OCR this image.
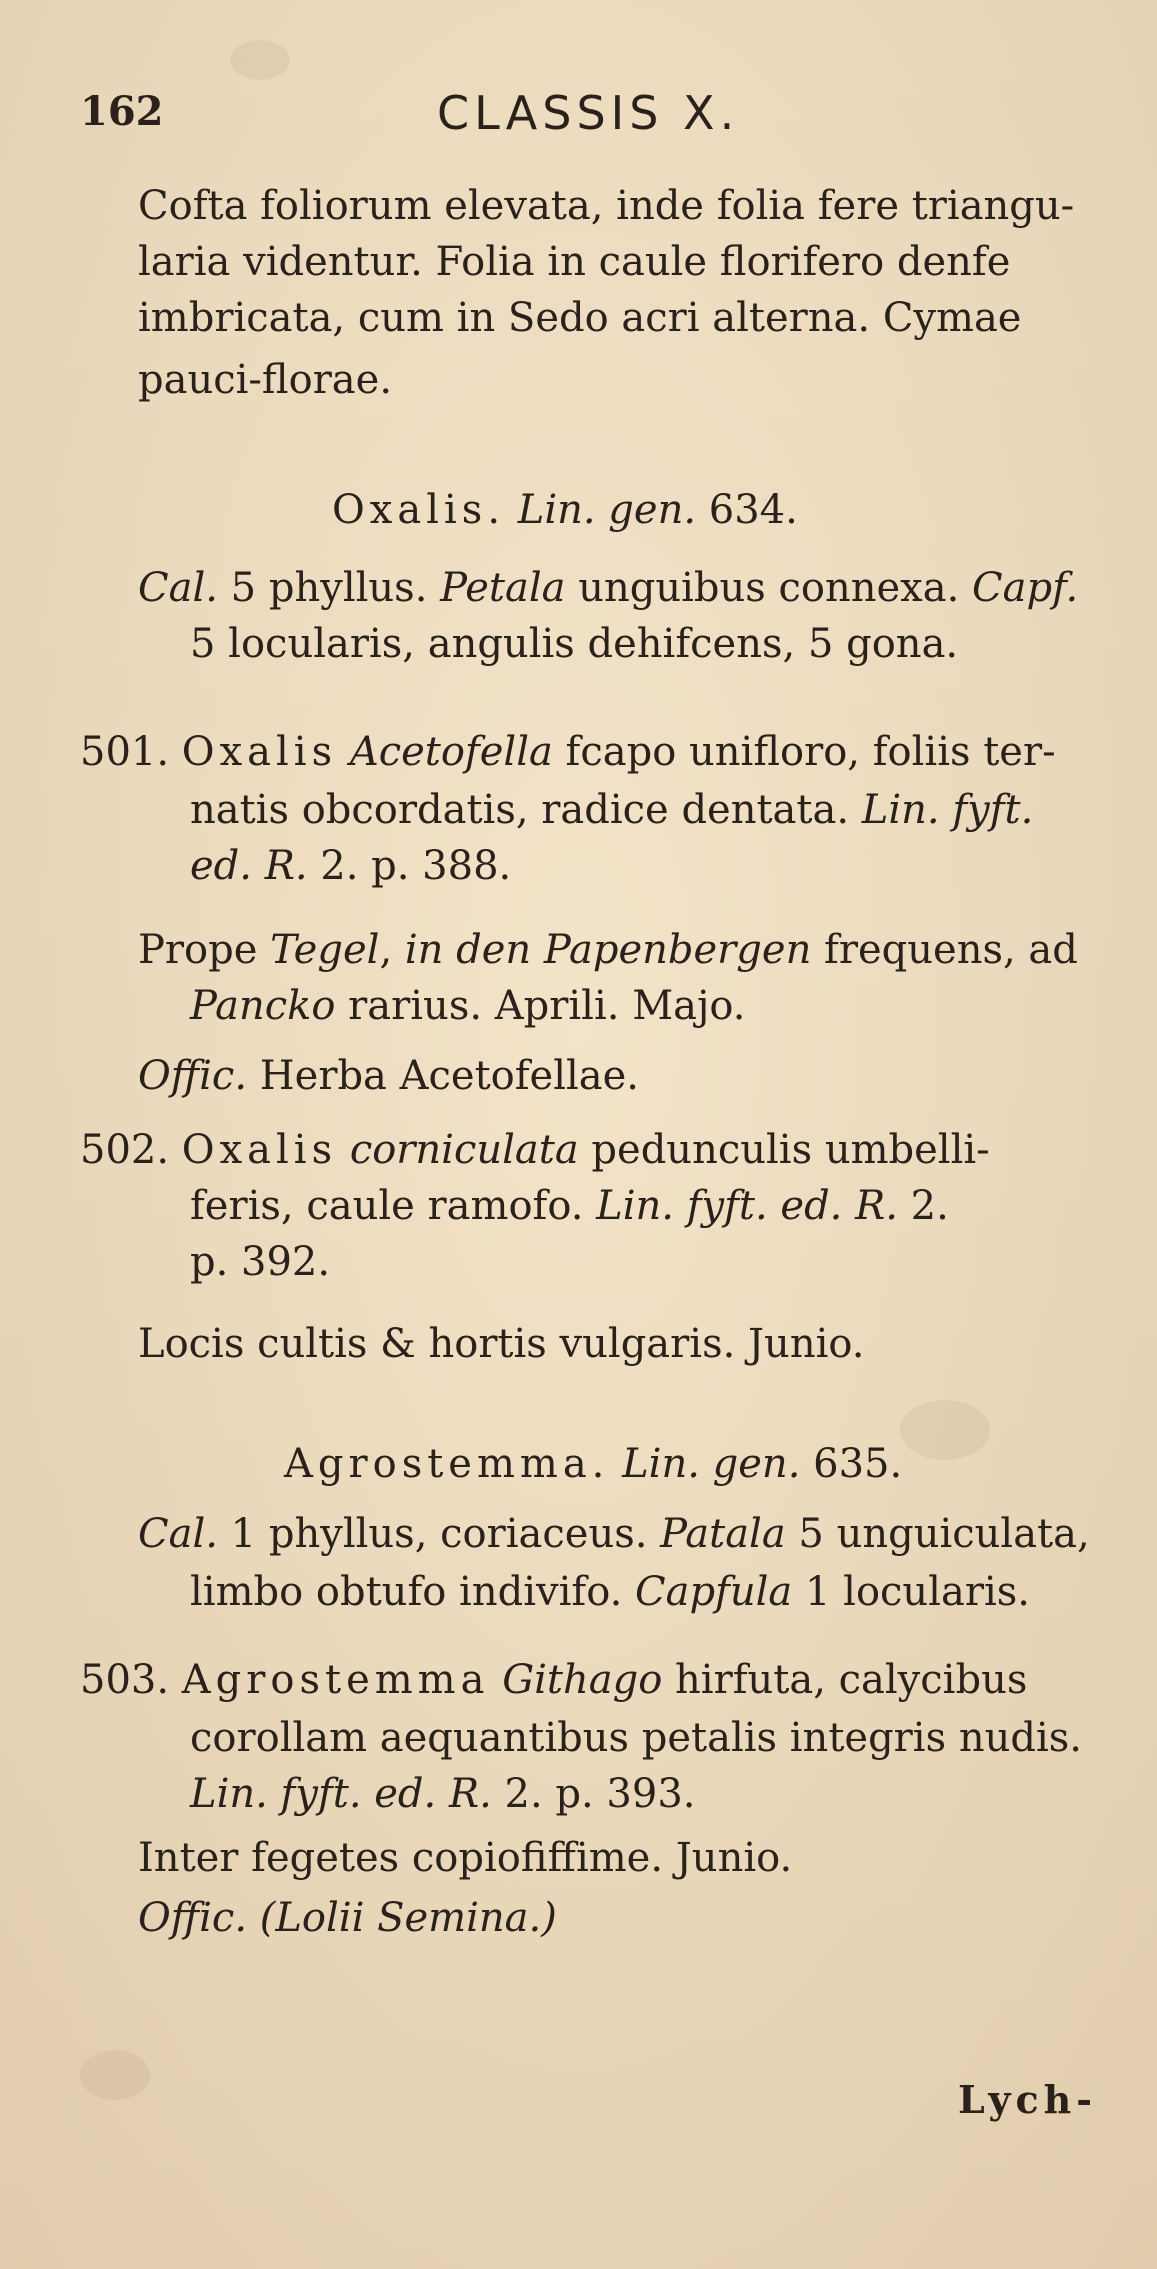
162	CLASSIS X.
Cofta foliorum elevata, inde folia fere triangu-
laria videntur. Folia in caule florifero denfe
imbricata, cum in Sedo acri alterna. Cymae
pauci-florae.
Oxalis. Lin. gen. 634.
Cal. 5 phyllus. Petala unguibus connexa. Capf.
5 locularis, angulis dehifcens, 5 gona.
501. Oxalis Acetofella fcapo unifloro, foliis ter-
natis obcordatis, radice dentata. Lin. fyft.
ed. R. 2. p. 388.
Prope Tegel, in den Papenbergen frequens, ad
Pancko rarius. Aprili. Majo.
Offic. Herba Acetofellae.
502. Oxalis corniculata pedunculis umbelli-
feris, caule ramofo. Lin. fyft. ed. R. 2.
p. 392.
Locis cultis & hortis vulgaris. Junio.
Agrostemma. Lin. gen. 635.
Cal. 1 phyllus, coriaceus. Patala 5 unguiculata,
limbo obtufo indivifo. Capfula 1 locularis.
503. Agrostemma Githago hirfuta, calycibus
corollam aequantibus petalis integris nudis.
Lin. fyft. ed. R. 2. p. 393.
Inter fegetes copiofiffime. Junio.
Offic. (Lolii Semina.)
Lych-
